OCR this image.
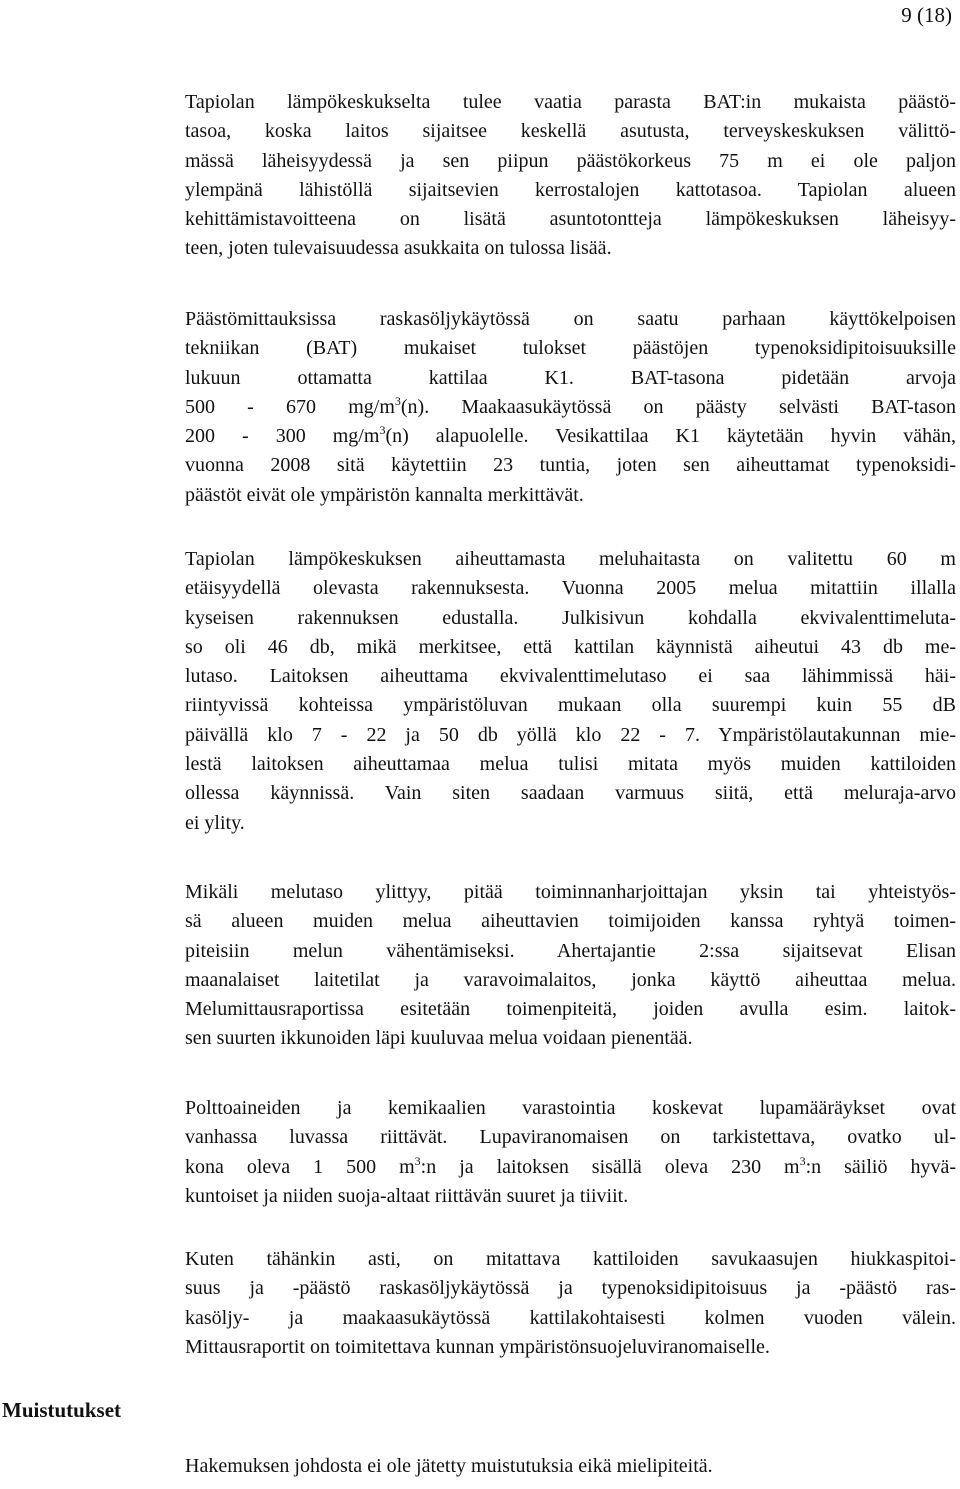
9 (18)
Tapiolan lämpökeskukselta tulee vaatia parasta BAT:in mukaista päästö-
tasoa, koska laitos sijaitsee keskellä asutusta, terveyskeskuksen välittö-
mässä läheisyydessä ja sen piipun päästökorkeus 75 m ei ole paljon
ylempänä lähistöllä sijaitsevien kerrostalojen kattotasoa. Tapiolan alueen
kehittämistavoitteena on lisätä asuntotontteja lämpökeskuksen läheisyy-
teen, joten tulevaisuudessa asukkaita on tulossa lisää.
Päästömittauksissa raskasöljykäytössä on saatu parhaan käyttökelpoisen
tekniikan (BAT) mukaiset tulokset päästöjen typenoksidipitoisuuksille
lukuun ottamatta kattilaa K1. BAT-tasona pidetään arvoja
500 - 670 $mg/m^3(n)$. Maakaasukäytössä on päästy selvästi BAT-tason
200 - 300 $mg/m^3(n)$ alapuolelle. Vesikattilaa K1 käytetään hyvin vähän,
vuonna 2008 sitä käytettiin 23 tuntia, joten sen aiheuttamat typenoksidi-
päästöt eivät ole ympäristön kannalta merkittävät.
Tapiolan lämpökeskuksen aiheuttamasta meluhaitasta on valitettu 60 m
etäisyydellä olevasta rakennuksesta. Vuonna 2005 melua mitattiin illalla
kyseisen rakennuksen edustalla. Julkisivun kohdalla ekvivalenttimeluta-
so oli 46 db, mikä merkitsee, että kattilan käynnistä aiheutui 43 db me-
lutaso. Laitoksen aiheuttama ekvivalenttimelutaso ei saa lähimmissä häi-
riintyvissä kohteissa ympäristöluvan mukaan olla suurempi kuin 55 dB
päivällä klo 7 - 22 ja 50 db yöllä klo 22 - 7. Ympäristölautakunnan mie-
lestä laitoksen aiheuttamaa melua tulisi mitata myös muiden kattiloiden
ollessa käynnissä. Vain siten saadaan varmuus siitä, että meluraja-arvo
ei ylity.
Mikäli melutaso ylittyy, pitää toiminnanharjoittajan yksin tai yhteistyös-
sä alueen muiden melua aiheuttavien toimijoiden kanssa ryhtyä toimen-
piteisiin melun vähentämiseksi. Ahertajantie 2:ssa sijaitsevat Elisan
maanalaiset laitetilat ja varavoimalaitos, jonka käyttö aiheuttaa melua.
Melumittausraportissa esitetään toimenpiteitä, joiden avulla esim. laitok-
sen suurten ikkunoiden läpi kuuluvaa melua voidaan pienentää.
Polttoaineiden ja kemikaalien varastointia koskevat lupamääräykset ovat
vanhassa luvassa riittävät. Lupaviranomaisen on tarkistettava, ovatko ul-
kona oleva 1 500 $m^3:n$ ja laitoksen sisällä oleva 230 $m^3:n$ säiliö hyvä-
kuntoiset ja niiden suoja-altaat riittävän suuret ja tiiviit.
Kuten tähänkin asti, on mitattava kattiloiden savukaasujen hiukkaspitoi-
suus ja -päästö raskasöljykäytössä ja typenoksidipitoisuus ja -päästö ras-
kasöljy- ja maakaasukäytössä kattilakohtaisesti kolmen vuoden välein.
Mittausraportit on toimitettava kunnan ympäristönsuojeluviranomaiselle.
Muistutukset
Hakemuksen johdosta ei ole jätetty muistutuksia eikä mielipiteitä.
